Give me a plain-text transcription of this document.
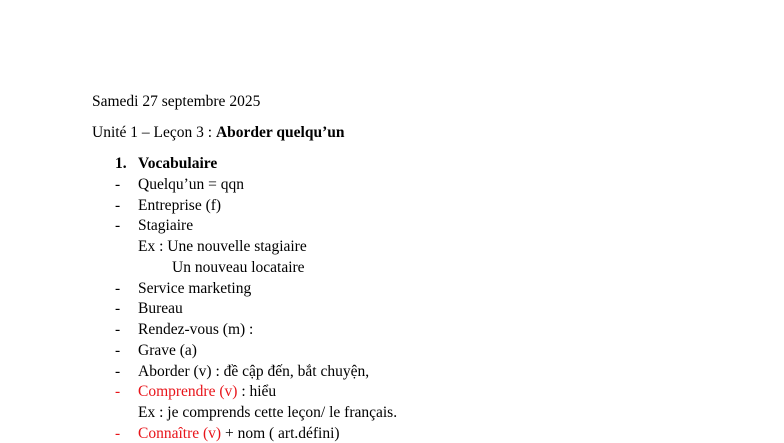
Samedi 27 septembre 2025
Unité 1 – Leçon 3 : Aborder quelqu’un
1. Vocabulaire
- Quelqu’un = qqn
- Entreprise (f)
- Stagiaire
Ex : Une nouvelle stagiaire
Un nouveau locataire
- Service marketing
- Bureau
- Rendez-vous (m) :
- Grave (a)
- Aborder (v) : đề cập đến, bắt chuyện,
- Comprendre (v) : hiểu
Ex : je comprends cette leçon/ le français.
- Connaître (v) + nom ( art.défini)
